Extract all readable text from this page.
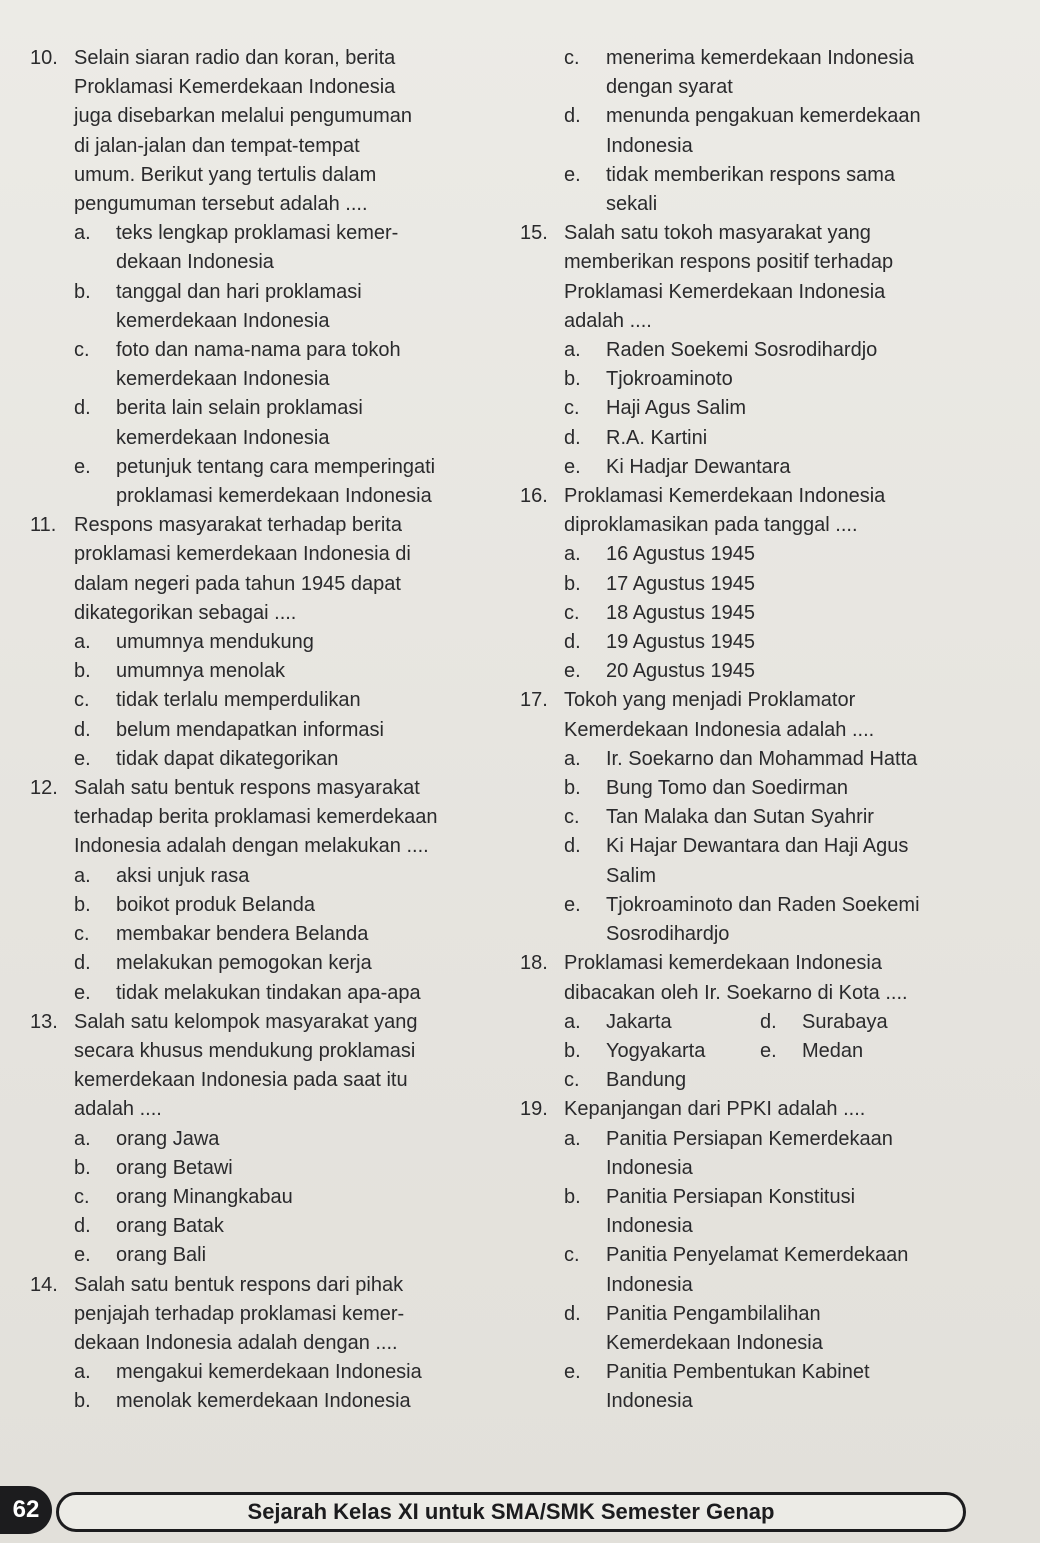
10. Selain siaran radio dan koran, berita
Proklamasi Kemerdekaan Indonesia
juga disebarkan melalui pengumuman
di jalan-jalan dan tempat-tempat
umum. Berikut yang tertulis dalam
pengumuman tersebut adalah ....
a.	teks lengkap proklamasi kemer-
dekaan Indonesia
b.	tanggal dan hari proklamasi
kemerdekaan Indonesia
c.	foto dan nama-nama para tokoh
kemerdekaan Indonesia
d.	berita lain selain proklamasi
kemerdekaan Indonesia
e.	petunjuk tentang cara memperingati
proklamasi kemerdekaan Indonesia
11. Respons masyarakat terhadap berita
proklamasi kemerdekaan Indonesia di
dalam negeri pada tahun 1945 dapat
dikategorikan sebagai ....
a.	umumnya mendukung
b.	umumnya menolak
c.	tidak terlalu memperdulikan
d.	belum mendapatkan informasi
e.	tidak dapat dikategorikan
12. Salah satu bentuk respons masyarakat
terhadap berita proklamasi kemerdekaan
Indonesia adalah dengan melakukan ....
a.	aksi unjuk rasa
b.	boikot produk Belanda
c.	membakar bendera Belanda
d.	melakukan pemogokan kerja
e.	tidak melakukan tindakan apa-apa
13. Salah satu kelompok masyarakat yang
secara khusus mendukung proklamasi
kemerdekaan Indonesia pada saat itu
adalah ....
a.	orang Jawa
b.	orang Betawi
c.	orang Minangkabau
d.	orang Batak
e.	orang Bali
14. Salah satu bentuk respons dari pihak
penjajah terhadap proklamasi kemer-
dekaan Indonesia adalah dengan ....
a.	mengakui kemerdekaan Indonesia
b.	menolak kemerdekaan Indonesia
c.	menerima kemerdekaan Indonesia
dengan syarat
d.	menunda pengakuan kemerdekaan
Indonesia
e.	tidak memberikan respons sama
sekali
15. Salah satu tokoh masyarakat yang
memberikan respons positif terhadap
Proklamasi Kemerdekaan Indonesia
adalah ....
a.	Raden Soekemi Sosrodihardjo
b.	Tjokroaminoto
c.	Haji Agus Salim
d.	R.A. Kartini
e.	Ki Hadjar Dewantara
16. Proklamasi Kemerdekaan Indonesia
diproklamasikan pada tanggal ....
a.	16 Agustus 1945
b.	17 Agustus 1945
c.	18 Agustus 1945
d.	19 Agustus 1945
e.	20 Agustus 1945
17. Tokoh yang menjadi Proklamator
Kemerdekaan Indonesia adalah ....
a.	Ir. Soekarno dan Mohammad Hatta
b.	Bung Tomo dan Soedirman
c.	Tan Malaka dan Sutan Syahrir
d.	Ki Hajar Dewantara dan Haji Agus
Salim
e.	Tjokroaminoto dan Raden Soekemi
Sosrodihardjo
18. Proklamasi kemerdekaan Indonesia
dibacakan oleh Ir. Soekarno di Kota ....
a.	Jakarta	d.	Surabaya
b.	Yogyakarta	e.	Medan
c.	Bandung
19. Kepanjangan dari PPKI adalah ....
a.	Panitia Persiapan Kemerdekaan
Indonesia
b.	Panitia Persiapan Konstitusi
Indonesia
c.	Panitia Penyelamat Kemerdekaan
Indonesia
d.	Panitia Pengambilalihan
Kemerdekaan Indonesia
e.	Panitia Pembentukan Kabinet
Indonesia
62	Sejarah Kelas XI untuk SMA/SMK Semester Genap
